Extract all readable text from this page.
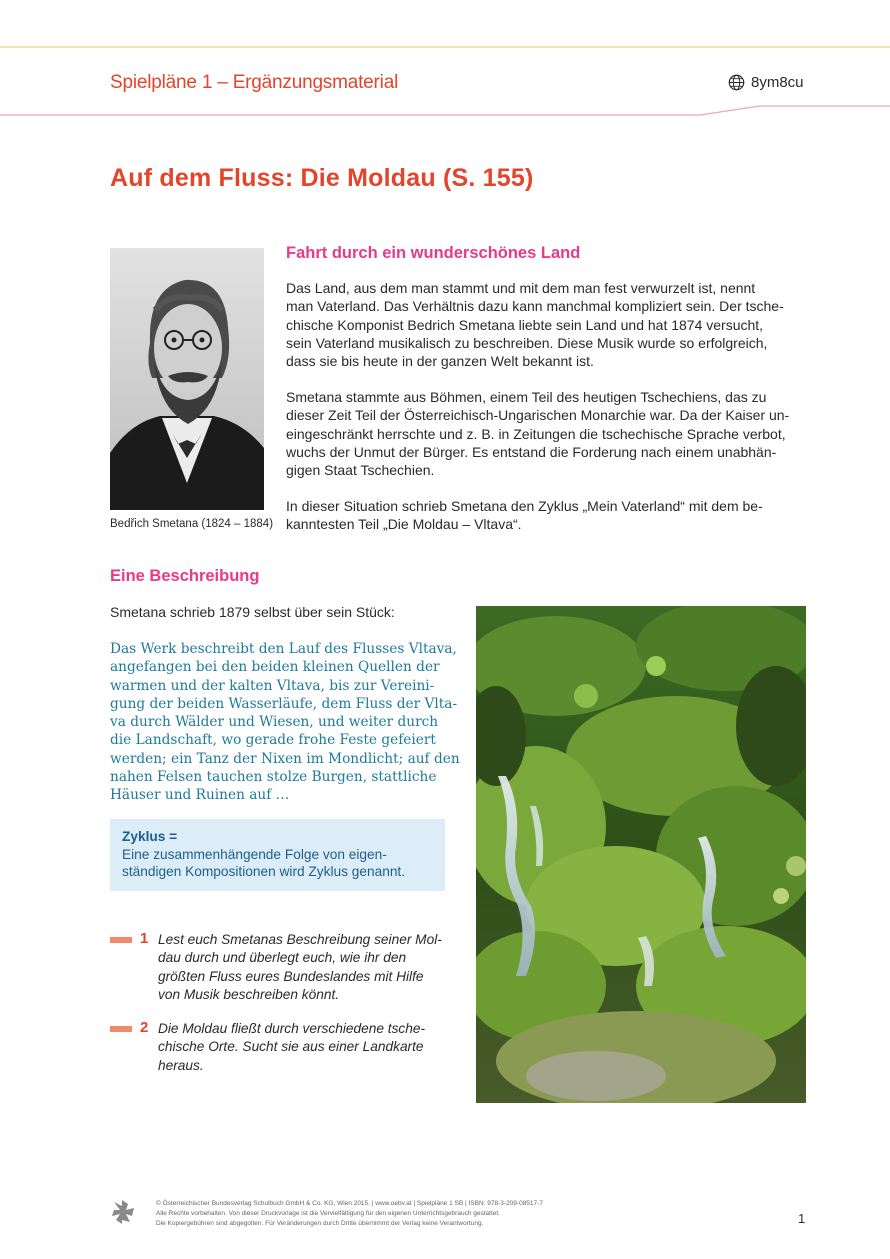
Spielpläne 1 – Ergänzungsmaterial	8ym8cu
Auf dem Fluss: Die Moldau (S. 155)
Bedřich Smetana (1824 – 1884)
Fahrt durch ein wunderschönes Land
Das Land, aus dem man stammt und mit dem man fest verwurzelt ist, nennt
man Vaterland. Das Verhältnis dazu kann manchmal kompliziert sein. Der tsche-
chische Komponist Bedrich Smetana liebte sein Land und hat 1874 versucht,
sein Vaterland musikalisch zu beschreiben. Diese Musik wurde so erfolgreich,
dass sie bis heute in der ganzen Welt bekannt ist.
Smetana stammte aus Böhmen, einem Teil des heutigen Tschechiens, das zu
dieser Zeit Teil der Österreichisch-Ungarischen Monarchie war. Da der Kaiser un-
eingeschränkt herrschte und z. B. in Zeitungen die tschechische Sprache verbot,
wuchs der Unmut der Bürger. Es entstand die Forderung nach einem unabhän-
gigen Staat Tschechien.
In dieser Situation schrieb Smetana den Zyklus „Mein Vaterland“ mit dem be-
kanntesten Teil „Die Moldau – Vltava“.
Eine Beschreibung
Smetana schrieb 1879 selbst über sein Stück:
Das Werk beschreibt den Lauf des Flusses Vltava,
angefangen bei den beiden kleinen Quellen der
warmen und der kalten Vltava, bis zur Vereini-
gung der beiden Wasserläufe, dem Fluss der Vlta-
va durch Wälder und Wiesen, und weiter durch
die Landschaft, wo gerade frohe Feste gefeiert
werden; ein Tanz der Nixen im Mondlicht; auf den
nahen Felsen tauchen stolze Burgen, stattliche
Häuser und Ruinen auf …
Zyklus =
Eine zusammenhängende Folge von eigen-
ständigen Kompositionen wird Zyklus genannt.
1 Lest euch Smetanas Beschreibung seiner Mol-
dau durch und überlegt euch, wie ihr den
größten Fluss eures Bundeslandes mit Hilfe
von Musik beschreiben könnt.
2 Die Moldau fließt durch verschiedene tsche-
chische Orte. Sucht sie aus einer Landkarte
heraus.
© Österreichischer Bundesverlag Schulbuch GmbH & Co. KG, Wien 2015. | www.oebv.at | Spielpläne 1 SB | ISBN: 978-3-209-08517-7
Alle Rechte vorbehalten. Von dieser Druckvorlage ist die Vervielfältigung für den eigenen Unterrichtsgebrauch gestattet.
Die Kopiergebühren sind abgegolten. Für Veränderungen durch Dritte übernimmt der Verlag keine Verantwortung.	1
